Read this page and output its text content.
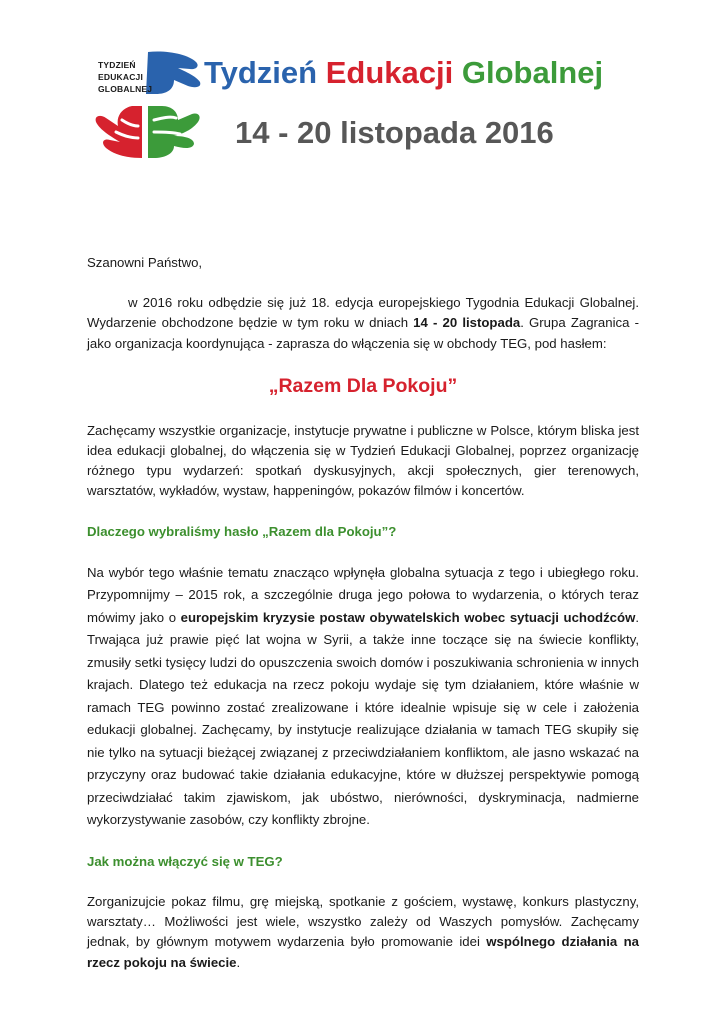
TYDZIEŃ
EDUKACJI
GLOBALNEJ Tydzień Edukacji Globalnej
14 - 20 listopada 2016

Szanowni Państwo,

w 2016 roku odbędzie się już 18. edycja europejskiego Tygodnia Edukacji Globalnej. Wydarzenie obchodzone będzie w tym roku w dniach 14 - 20 listopada. Grupa Zagranica - jako organizacja koordynująca - zaprasza do włączenia się w obchody TEG, pod hasłem:

„Razem Dla Pokoju”

Zachęcamy wszystkie organizacje, instytucje prywatne i publiczne w Polsce, którym bliska jest idea edukacji globalnej, do włączenia się w Tydzień Edukacji Globalnej, poprzez organizację różnego typu wydarzeń: spotkań dyskusyjnych, akcji społecznych, gier terenowych, warsztatów, wykładów, wystaw, happeningów, pokazów filmów i koncertów.

Dlaczego wybraliśmy hasło „Razem dla Pokoju”?

Na wybór tego właśnie tematu znacząco wpłynęła globalna sytuacja z tego i ubiegłego roku. Przypomnijmy – 2015 rok, a szczególnie druga jego połowa to wydarzenia, o których teraz mówimy jako o europejskim kryzysie postaw obywatelskich wobec sytuacji uchodźców. Trwająca już prawie pięć lat wojna w Syrii, a także inne toczące się na świecie konflikty, zmusiły setki tysięcy ludzi do opuszczenia swoich domów i poszukiwania schronienia w innych krajach. Dlatego też edukacja na rzecz pokoju wydaje się tym działaniem, które właśnie w ramach TEG powinno zostać zrealizowane i które idealnie wpisuje się w cele i założenia edukacji globalnej. Zachęcamy, by instytucje realizujące działania w tamach TEG skupiły się nie tylko na sytuacji bieżącej związanej z przeciwdziałaniem konfliktom, ale jasno wskazać na przyczyny oraz budować takie działania edukacyjne, które w dłuższej perspektywie pomogą przeciwdziałać takim zjawiskom, jak ubóstwo, nierówności, dyskryminacja, nadmierne wykorzystywanie zasobów, czy konflikty zbrojne.

Jak można włączyć się w TEG?

Zorganizujcie pokaz filmu, grę miejską, spotkanie z gościem, wystawę, konkurs plastyczny, warsztaty… Możliwości jest wiele, wszystko zależy od Waszych pomysłów. Zachęcamy jednak, by głównym motywem wydarzenia było promowanie idei wspólnego działania na rzecz pokoju na świecie.
